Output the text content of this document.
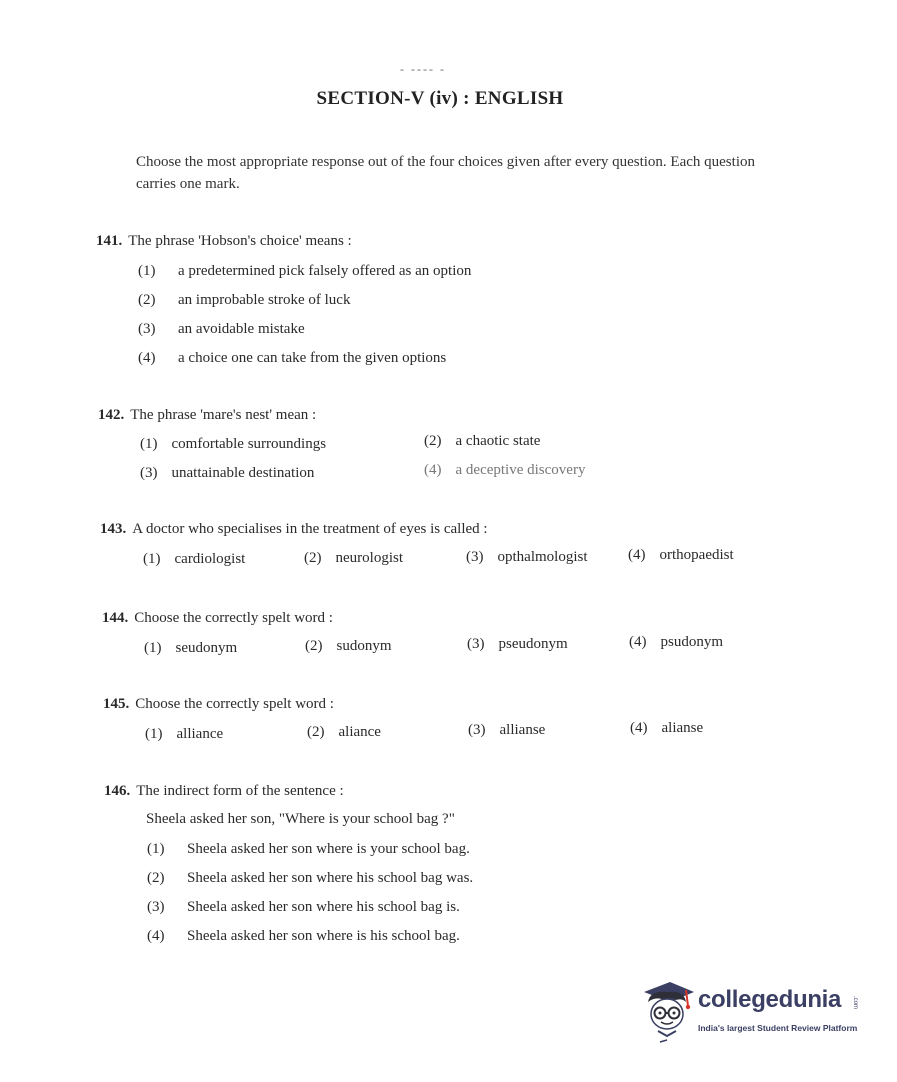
- ---- -
SECTION-V (iv) : ENGLISH
Choose the most appropriate response out of the four choices given after every question. Each question carries one mark.
141. The phrase 'Hobson's choice' means :
(1) a predetermined pick falsely offered as an option
(2) an improbable stroke of luck
(3) an avoidable mistake
(4) a choice one can take from the given options
142. The phrase 'mare's nest' mean :
(1) comfortable surroundings	(2) a chaotic state
(3) unattainable destination	(4) a deceptive discovery
143. A doctor who specialises in the treatment of eyes is called :
(1) cardiologist	(2) neurologist	(3) opthalmologist	(4) orthopaedist
144. Choose the correctly spelt word :
(1) seudonym	(2) sudonym	(3) pseudonym	(4) psudonym
145. Choose the correctly spelt word :
(1) alliance	(2) aliance	(3) allianse	(4) alianse
146. The indirect form of the sentence :
Sheela asked her son, "Where is your school bag ?"
(1) Sheela asked her son where is your school bag.
(2) Sheela asked her son where his school bag was.
(3) Sheela asked her son where his school bag is.
(4) Sheela asked her son where is his school bag.
collegedunia .com
India's largest Student Review Platform
